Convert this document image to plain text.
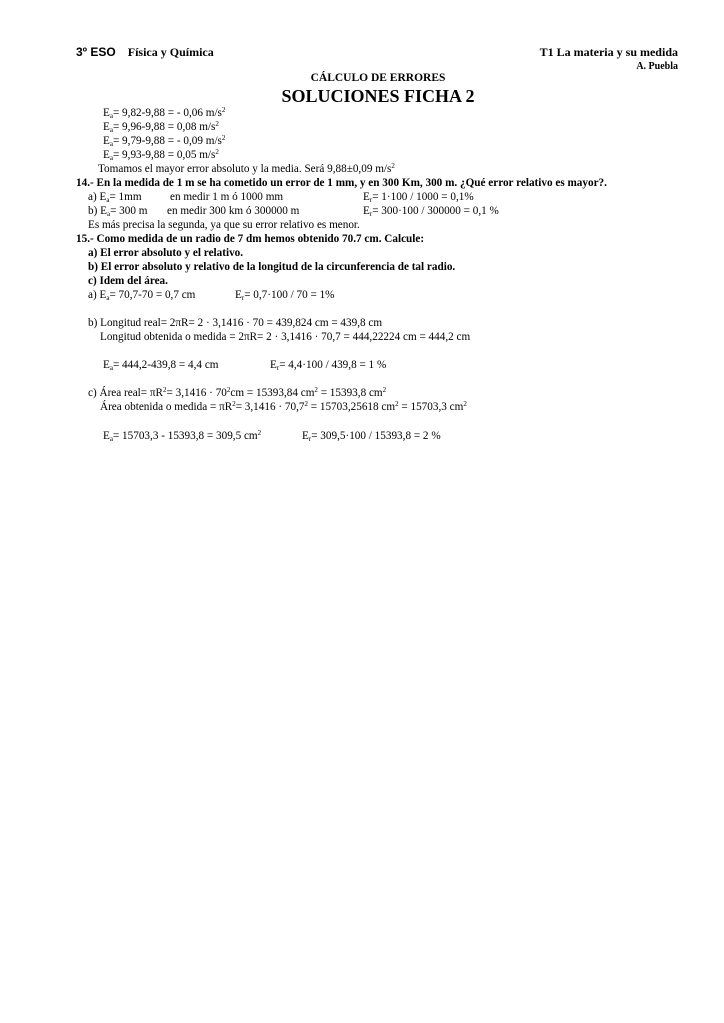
3º ESO Física y Química	T1 La materia y su medida
A. Puebla
CÁLCULO DE ERRORES
SOLUCIONES FICHA 2
$E_a= 9,82-9,88$ = - 0,06 $m/s^2$
$E_a= 9,96-9,88 = 0,08$ $m/s^2$
$E_a= 9,79-9,88$ = - 0,09 $m/s^2$
$E_a= 9,93-9,88 = 0,05$ $m/s^2$
Tomamos el mayor error absoluto y la media. Será 9,88±0,09 $m/s^2$
14.- En la medida de 1 m se ha cometido un error de 1 mm, y en 300 Km, 300 m. ¿Qué error relativo es mayor?.
a) $E_a= 1mm$	en medir 1 m ó 1000 mm	$E_r= 1\cdot 100 / 1000 = 0,1\%$
b) $E_a= 300$ m en medir 300 km ó 300000 m	$E_r= 300\cdot 100 / 300000 = 0,1$ %
Es más precisa la segunda, ya que su error relativo es menor.
15.- Como medida de un radio de 7 dm hemos obtenido 70.7 cm. Calcule:
a) El error absoluto y el relativo.
b) El error absoluto y relativo de la longitud de la circunferencia de tal radio.
c) Idem del área.
a) $E_a= 70,7-70 = 0,7$ cm	$E_r= 0,7\cdot 100 / 70 = 1\%$
b) Longitud real= 2πR= 2 · 3,1416 · 70 = 439,824 cm = 439,8 cm
Longitud obtenida o medida = 2πR= 2 · 3,1416 · 70,7 = 444,22224 cm = 444,2 cm
$E_a= 444,2-439,8 = 4,4$ cm	$E_r= 4,4\cdot 100 / 439,8 = 1$ %
c) Área real= $\pi R^2= 3,1416 \cdot 70^2cm = 15393,84$ $cm^2 = 15393,8$ $cm^2$
Área obtenida o medida = $\pi R^2= 3,1416 \cdot 70,7^2 = 15703,25618$ $cm^2 = 15703,3$ $cm^2$
$E_a= 15703,3 - 15393,8 = 309,5$ $cm^2$	$E_r= 309,5\cdot 100 / 15393,8 = 2$ %
